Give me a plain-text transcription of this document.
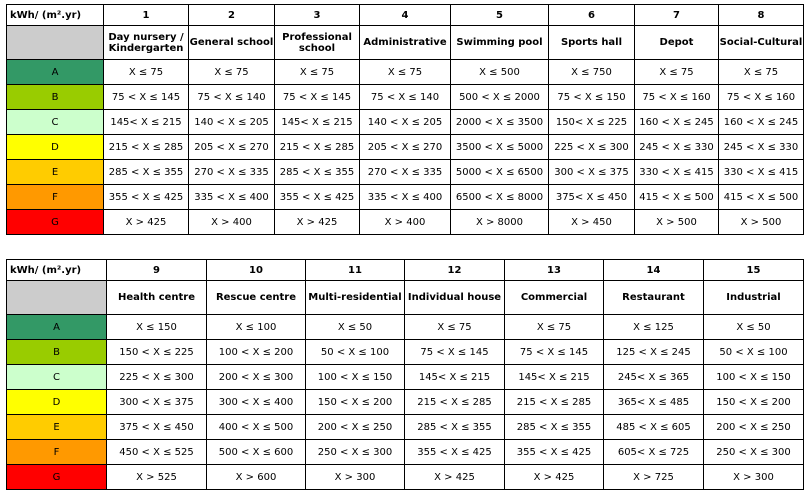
kWh/ (m².yr)	1	2	3	4	5	6	7	8
	Day nursery / Kindergarten	General school	Professional school	Administrative	Swimming pool	Sports hall	Depot	Social-Cultural
A	X ≤ 75	X ≤ 75	X ≤ 75	X ≤ 75	X ≤ 500	X ≤ 750	X ≤ 75	X ≤ 75
B	75 < X ≤ 145	75 < X ≤ 140	75 < X ≤ 145	75 < X ≤ 140	500 < X ≤ 2000	75 < X ≤ 150	75 < X ≤ 160	75 < X ≤ 160
C	145< X ≤ 215	140 < X ≤ 205	145< X ≤ 215	140 < X ≤ 205	2000 < X ≤ 3500	150< X ≤ 225	160 < X ≤ 245	160 < X ≤ 245
D	215 < X ≤ 285	205 < X ≤ 270	215 < X ≤ 285	205 < X ≤ 270	3500 < X ≤ 5000	225 < X ≤ 300	245 < X ≤ 330	245 < X ≤ 330
E	285 < X ≤ 355	270 < X ≤ 335	285 < X ≤ 355	270 < X ≤ 335	5000 < X ≤ 6500	300 < X ≤ 375	330 < X ≤ 415	330 < X ≤ 415
F	355 < X ≤ 425	335 < X ≤ 400	355 < X ≤ 425	335 < X ≤ 400	6500 < X ≤ 8000	375< X ≤ 450	415 < X ≤ 500	415 < X ≤ 500
G	X > 425	X > 400	X > 425	X > 400	X > 8000	X > 450	X > 500	X > 500
kWh/ (m².yr)	9	10	11	12	13	14	15
	Health centre	Rescue centre	Multi-residential	Individual house	Commercial	Restaurant	Industrial
A	X ≤ 150	X ≤ 100	X ≤ 50	X ≤ 75	X ≤ 75	X ≤ 125	X ≤ 50
B	150 < X ≤ 225	100 < X ≤ 200	50 < X ≤ 100	75 < X ≤ 145	75 < X ≤ 145	125 < X ≤ 245	50 < X ≤ 100
C	225 < X ≤ 300	200 < X ≤ 300	100 < X ≤ 150	145< X ≤ 215	145< X ≤ 215	245< X ≤ 365	100 < X ≤ 150
D	300 < X ≤ 375	300 < X ≤ 400	150 < X ≤ 200	215 < X ≤ 285	215 < X ≤ 285	365< X ≤ 485	150 < X ≤ 200
E	375 < X ≤ 450	400 < X ≤ 500	200 < X ≤ 250	285 < X ≤ 355	285 < X ≤ 355	485 < X ≤ 605	200 < X ≤ 250
F	450 < X ≤ 525	500 < X ≤ 600	250 < X ≤ 300	355 < X ≤ 425	355 < X ≤ 425	605< X ≤ 725	250 < X ≤ 300
G	X > 525	X > 600	X > 300	X > 425	X > 425	X > 725	X > 300
